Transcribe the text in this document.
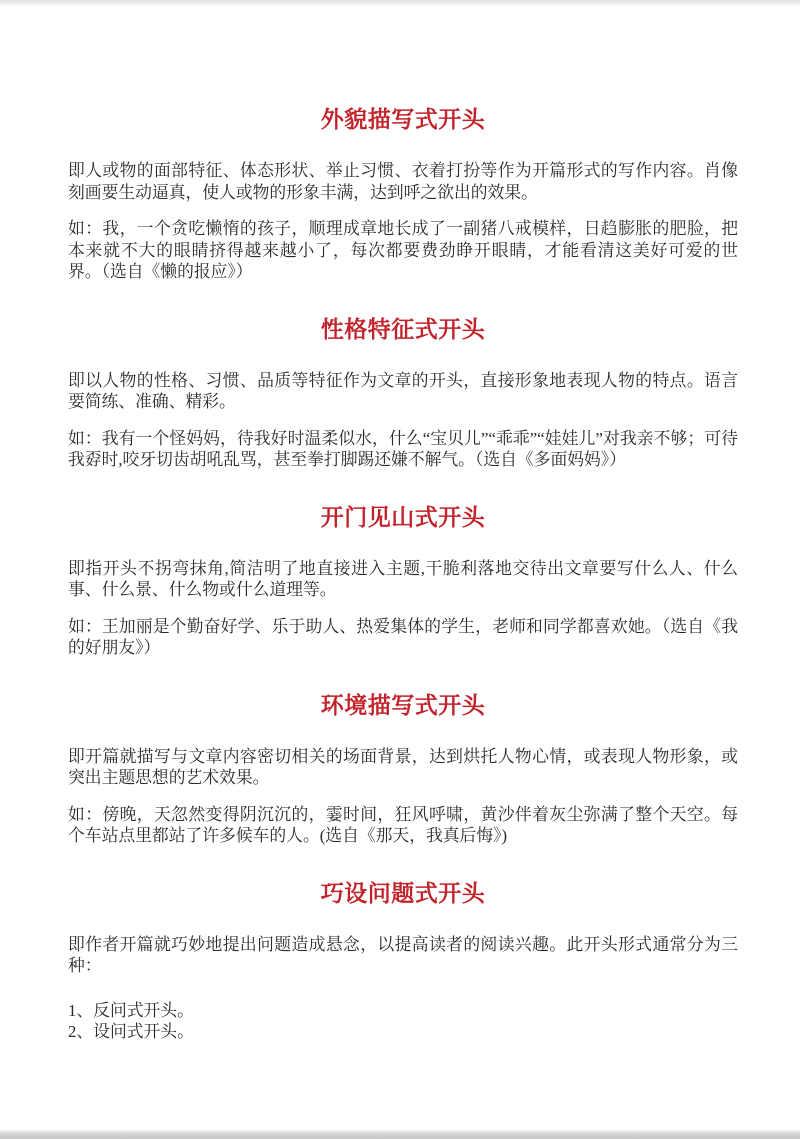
外貌描写式开头

即人或物的面部特征、体态形状、举止习惯、衣着打扮等作为开篇形式的写作内容。肖像刻画要生动逼真，使人或物的形象丰满，达到呼之欲出的效果。

如：我，一个贪吃懒惰的孩子，顺理成章地长成了一副猪八戒模样，日趋膨胀的肥脸，把本来就不大的眼睛挤得越来越小了，每次都要费劲睁开眼睛，才能看清这美好可爱的世界。（选自《懒的报应》）

性格特征式开头

即以人物的性格、习惯、品质等特征作为文章的开头，直接形象地表现人物的特点。语言要简练、准确、精彩。

如：我有一个怪妈妈，待我好时温柔似水，什么“宝贝儿”“乖乖”“娃娃儿”对我亲不够；可待我孬时,咬牙切齿胡吼乱骂，甚至拳打脚踢还嫌不解气。（选自《多面妈妈》）

开门见山式开头

即指开头不拐弯抹角,简洁明了地直接进入主题,干脆利落地交待出文章要写什么人、什么事、什么景、什么物或什么道理等。

如：王加丽是个勤奋好学、乐于助人、热爱集体的学生，老师和同学都喜欢她。（选自《我的好朋友》）

环境描写式开头

即开篇就描写与文章内容密切相关的场面背景，达到烘托人物心情，或表现人物形象，或突出主题思想的艺术效果。

如：傍晚，天忽然变得阴沉沉的，霎时间，狂风呼啸，黄沙伴着灰尘弥满了整个天空。每个车站点里都站了许多候车的人。(选自《那天，我真后悔》)

巧设问题式开头

即作者开篇就巧妙地提出问题造成悬念，以提高读者的阅读兴趣。此开头形式通常分为三种：

1、反问式开头。

2、设问式开头。
